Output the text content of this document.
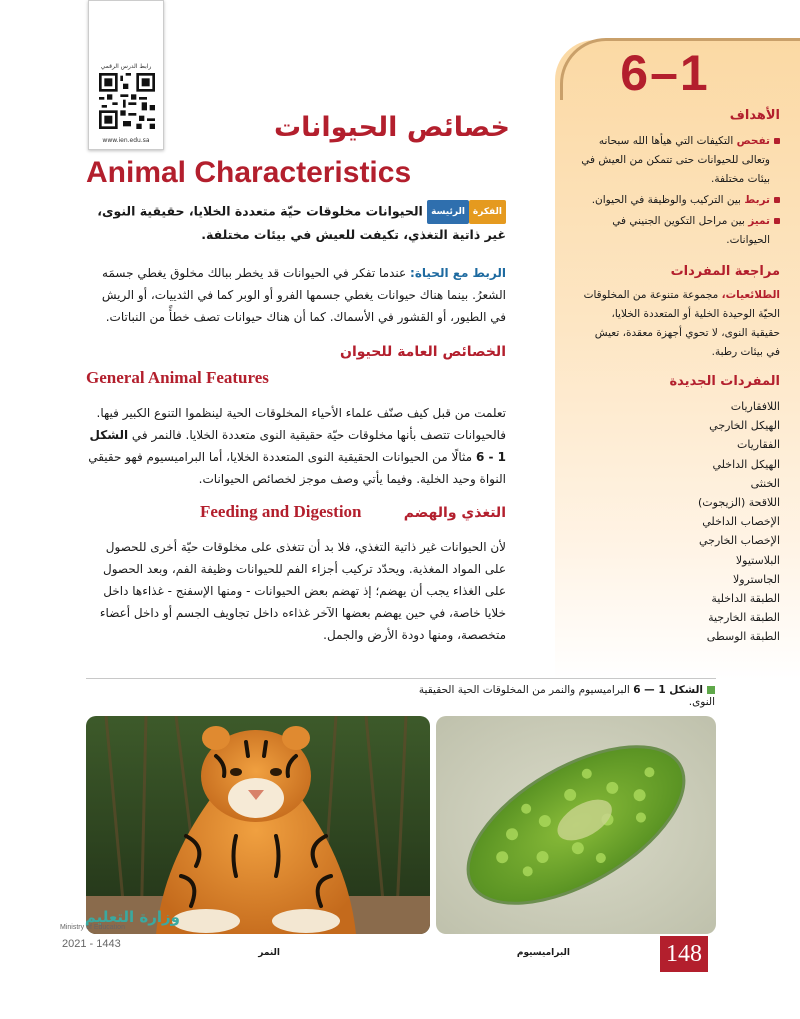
6–1
رابط الدرس الرقمي
www.ien.edu.sa	خصائص الحيوانات
Animal Characteristics
الفكرةالرئيسة الحيوانات مخلوقات حيّة متعددة الخلايا، حقيقية النوى، غير ذاتية التغذي، تكيفت للعيش في بيئات مختلفة.
الربط مع الحياة: عندما تفكر في الحيوانات قد يخطر ببالك مخلوق يغطي جسمَه الشعرُ. بينما هناك حيوانات يغطي جسمها الفرو أو الوبر كما في الثدييات، أو الريش في الطيور، أو القشور في الأسماك. كما أن هناك حيوانات تصف خطأً من النباتات.
الخصائص العامة للحيوان
General Animal Features
تعلمت من قبل كيف صنّف علماء الأحياء المخلوقات الحية لينظموا التنوع الكبير فيها. فالحيوانات تتصف بأنها مخلوقات حيّة حقيقية النوى متعددة الخلايا. فالنمر في الشكل 1 - 6 مثالًا من الحيوانات الحقيقية النوى المتعددة الخلايا، أما البراميسيوم فهو حقيقي النواة وحيد الخلية. وفيما يأتي وصف موجز لخصائص الحيوانات.
التغذي والهضم
Feeding and Digestion
لأن الحيوانات غير ذاتية التغذي، فلا بد أن تتغذى على مخلوقات حيّة أخرى للحصول على المواد المغذية. ويحدّد تركيب أجزاء الفم للحيوانات وظيفة الفم، وبعد الحصول على الغذاء يجب أن يهضم؛ إذ تهضم بعض الحيوانات - ومنها الإسفنج - غذاءها داخل خلايا خاصة، في حين يهضم بعضها الآخر غذاءه داخل تجاويف الجسم أو داخل أعضاء متخصصة، ومنها دودة الأرض والجمل.
الأهداف
تفحص التكيفات التي هيأها الله سبحانه وتعالى للحيوانات حتى تتمكن من العيش في بيئات مختلفة.
تربط بين التركيب والوظيفة في الحيوان.
تميز بين مراحل التكوين الجنيني في الحيوانات.
مراجعة المفردات
الطلائعيات، مجموعة متنوعة من المخلوقات الحيّة الوحيدة الخلية أو المتعددة الخلايا، حقيقية النوى، لا تحوي أجهزة معقدة، تعيش في بيئات رطبة.
المفردات الجديدة
اللافقاريات
الهيكل الخارجي
الفقاريات
الهيكل الداخلي
الخنثى
اللاقحة (الزيجوت)
الإخصاب الداخلي
الإخصاب الخارجي
البلاستيولا
الجاسترولا
الطبقة الداخلية
الطبقة الخارجية
الطبقة الوسطى
الشكل 1 — 6 البراميسيوم والنمر من المخلوقات الحية الحقيقية النوى.
النمر	البراميسيوم
وزارة التعليم
Ministry of Education
2021 - 1443	148
